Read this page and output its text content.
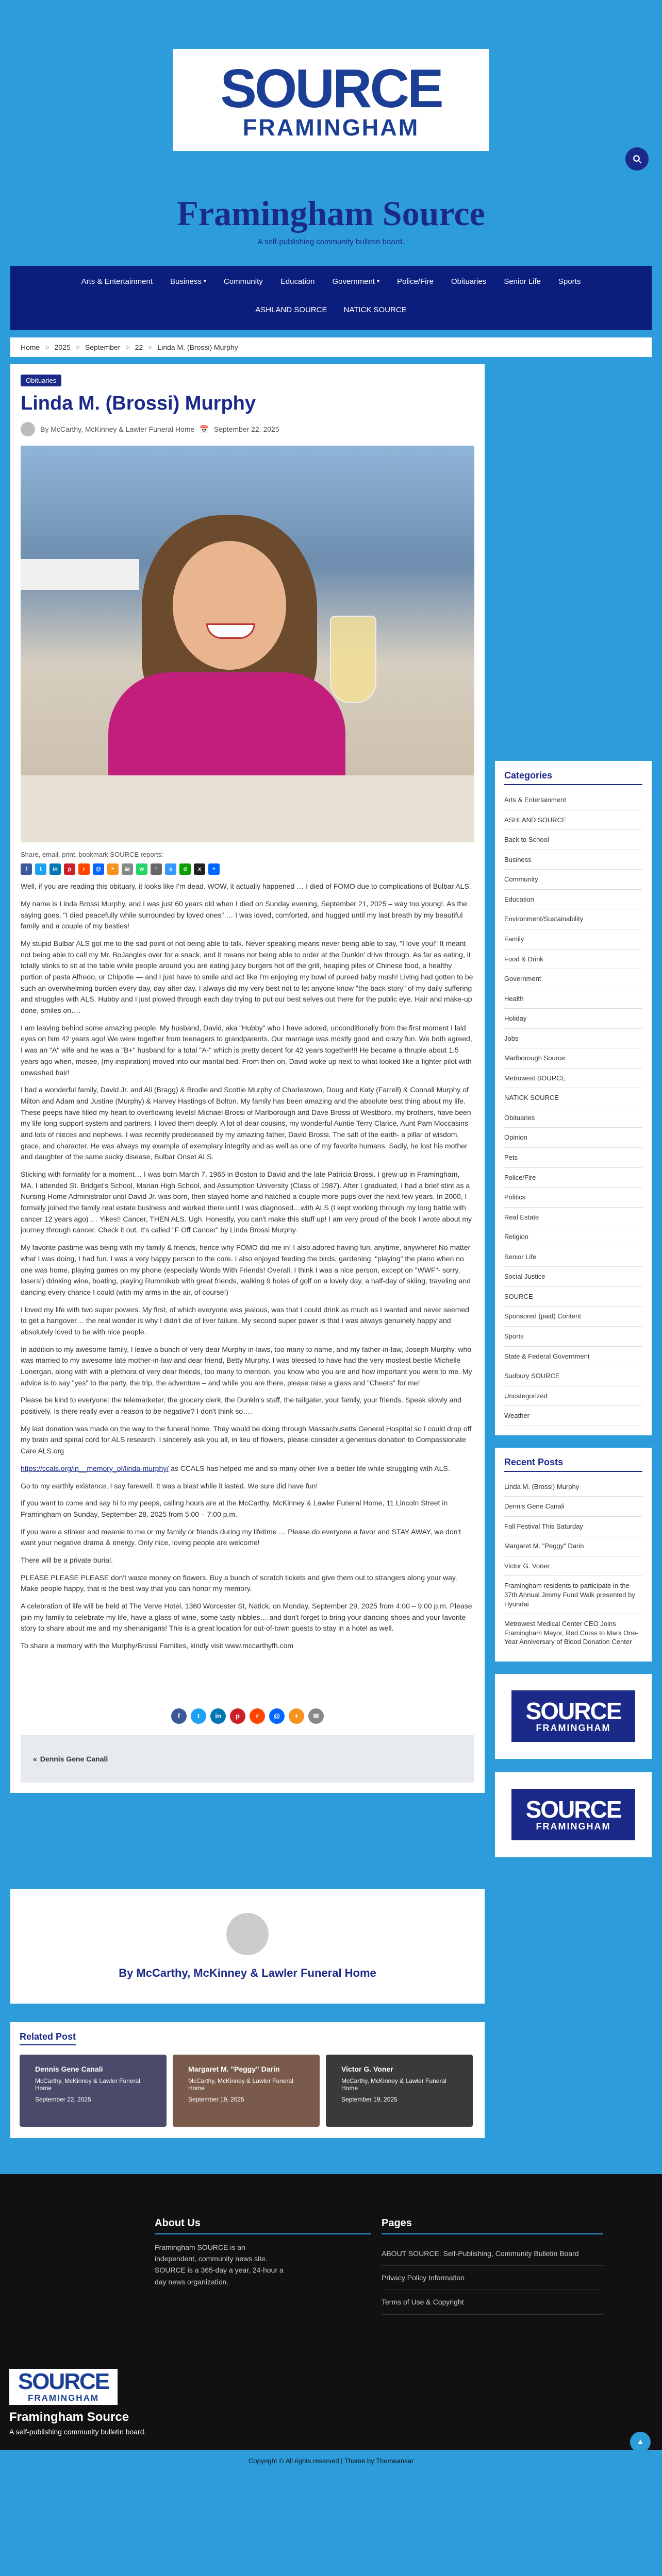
SOURCE
FRAMINGHAM
Framingham Source
A self-publishing community bulletin board.
Arts & Entertainment Business ▾ Community Education Government ▾ Police/Fire Obituaries Senior Life Sports
ASHLAND SOURCE	NATICK SOURCE
Home > 2025 > September > 22 > Linda M. (Brossi) Murphy
Obituaries
Linda M. (Brossi) Murphy
By McCarthy, McKinney & Lawler Funeral Home 📅 September 22, 2025
Share, email, print, bookmark SOURCE reports:
f	t	in	p	r	@	+	✉	w	≡	s	d	x	+

Well, if you are reading this obituary, it looks like I'm dead. WOW, it actually happened … I died of FOMO due to complications of Bulbar ALS.

My name is Linda Brossi Murphy, and I was just 60 years old when I died on Sunday evening, September 21, 2025 – way too young!. As the saying goes, "I died peacefully while surrounded by loved ones" … I was loved, comforted, and hugged until my last breath by my beautiful family and a couple of my besties!

My stupid Bulbar ALS got me to the sad point of not being able to talk. Never speaking means never being able to say, "I love you!" It meant not being able to call my Mr. BoJangles over for a snack, and it means not being able to order at the Dunkin' drive through. As far as eating, it totally stinks to sit at the table while people around you are eating juicy burgers hot off the grill, heaping piles of Chinese food, a healthy portion of pasta Alfredo, or Chipotle — and I just have to smile and act like I'm enjoying my bowl of pureed baby mush! Living had gotten to be such an overwhelming burden every day, day after day. I always did my very best not to let anyone know "the back story" of my daily suffering and struggles with ALS. Hubby and I just plowed through each day trying to put our best selves out there for the public eye. Hair and make-up done, smiles on….

I am leaving behind some amazing people. My husband, David, aka "Hubby" who I have adored, unconditionally from the first moment I laid eyes on him 42 years ago! We were together from teenagers to grandparents. Our marriage was mostly good and crazy fun. We both agreed, I was an "A" wife and he was a "B+" husband for a total "A-" which is pretty decent for 42 years together!!! He became a thruple about 1.5 years ago when, mosee, (my inspiration) moved into our marital bed. From then on, David woke up next to what looked like a fighter pilot with unwashed hair!

I had a wonderful family, David Jr. and Ali (Bragg) & Brodie and Scottie Murphy of Charlestown, Doug and Katy (Farrell) & Connall Murphy of Milton and Adam and Justine (Murphy) & Harvey Hastings of Bolton. My family has been amazing and the absolute best thing about my life. These peeps have filled my heart to overflowing levels! Michael Brossi of Marlborough and Dave Brossi of Westboro, my brothers, have been my life long support system and partners. I loved them deeply. A lot of dear cousins, my wonderful Auntie Terry Clarice, Aunt Pam Moccasins and lots of nieces and nephews. I was recently predeceased by my amazing father, David Brossi. The salt of the earth- a pillar of wisdom, grace, and character. He was always my example of exemplary integrity and as well as one of my favorite humans. Sadly, he lost his mother and daughter of the same sucky disease, Bulbar Onset ALS.

Sticking with formality for a moment… I was born March 7, 1965 in Boston to David and the late Patricia Brossi. I grew up in Framingham, MA. I attended St. Bridget's School, Marian High School, and Assumption University (Class of 1987). After I graduated, I had a brief stint as a Nursing Home Administrator until David Jr. was born, then stayed home and hatched a couple more pups over the next few years. In 2000, I formally joined the family real estate business and worked there until I was diagnosed…with ALS (I kept working through my long battle with cancer 12 years ago) … Yikes!! Cancer, THEN ALS. Ugh. Honestly, you can't make this stuff up! I am very proud of the book I wrote about my journey through cancer. Check it out. It's called "F Off Cancer" by Linda Brossi Murphy.

My favorite pastime was being with my family & friends, hence why FOMO did me in! I also adored having fun, anytime, anywhere! No matter what I was doing, I had fun. I was a very happy person to the core. I also enjoyed feeding the birds, gardening, "playing" the piano when no one was home, playing games on my phone (especially Words With Friends! Overall, I think I was a nice person, except on "WWF"- sorry, losers!) drinking wine, boating, playing Rummikub with great friends, walking 9 holes of golf on a lovely day, a half-day of skiing, traveling and dancing every chance I could (with my arms in the air, of course!)

I loved my life with two super powers. My first, of which everyone was jealous, was that I could drink as much as I wanted and never seemed to get a hangover… the real wonder is why I didn't die of liver failure. My second super power is that I was always genuinely happy and absolutely loved to be with nice people.

In addition to my awesome family, I leave a bunch of very dear Murphy in-laws, too many to name, and my father-in-law, Joseph Murphy, who was married to my awesome late mother-in-law and dear friend, Betty Murphy. I was blessed to have had the very mostest bestie Michelle Lonergan, along with with a plethora of very dear friends, too many to mention, you know who you are and how important you were to me. My advice is to say "yes" to the party, the trip, the adventure – and while you are there, please raise a glass and "Cheers" for me!

Please be kind to everyone: the telemarketer, the grocery clerk, the Dunkin's staff, the tailgater, your family, your friends. Speak slowly and positively. Is there really ever a reason to be negative? I don't think so….

My last donation was made on the way to the funeral home. They would be doing through Massachusetts General Hospital so I could drop off my brain and spinal cord for ALS research. I sincerely ask you all, in lieu of flowers, please consider a generous donation to Compassionate Care ALS.org

https://ccals.org/in__memory_of/linda-murphy/ as CCALS has helped me and so many other live a better life while struggling with ALS.

Go to my earthly existence, I say farewell. It was a blast while it lasted. We sure did have fun!

If you want to come and say hi to my peeps, calling hours are at the McCarthy, McKinney & Lawler Funeral Home, 11 Lincoln Street in Framingham on Sunday, September 28, 2025 from 5:00 – 7:00 p.m.

If you were a stinker and meanie to me or my family or friends during my lifetime … Please do everyone a favor and STAY AWAY, we don't want your negative drama & energy. Only nice, loving people are welcome!

There will be a private burial.

PLEASE PLEASE PLEASE don't waste money on flowers. Buy a bunch of scratch tickets and give them out to strangers along your way. Make people happy, that is the best way that you can honor my memory.

A celebration of life will be held at The Verve Hotel, 1360 Worcester St, Natick, on Monday, September 29, 2025 from 4:00 – 9:00 p.m. Please join my family to celebrate my life, have a glass of wine, some tasty nibbles… and don't forget to bring your dancing shoes and your favorite story to share about me and my shenanigans! This is a great location for out-of-town guests to stay in a hotel as well.

To share a memory with the Murphy/Brossi Families, kindly visit www.mccarthyfh.com

f	t	in	p	r	@	+	✉
« Dennis Gene Canali
Categories
Arts & Entertainment
ASHLAND SOURCE
Back to School
Business
Community
Education
Environment/Sustainability
Family
Food & Drink
Government
Health
Holiday
Jobs
Marlborough Source
Metrowest SOURCE
NATICK SOURCE
Obituaries
Opinion
Pets
Police/Fire
Politics
Real Estate
Religion
Senior Life
Social Justice
SOURCE
Sponsored (paid) Content
Sports
State & Federal Government
Sudbury SOURCE
Uncategorized
Weather
Recent Posts
Linda M. (Brossi) Murphy
Dennis Gene Canali
Fall Festival This Saturday
Margaret M. "Peggy" Darin
Victor G. Voner
Framingham residents to participate in the 37th Annual Jimmy Fund Walk presented by Hyundai
Metrowest Medical Center CEO Joins Framingham Mayor, Red Cross to Mark One-Year Anniversary of Blood Donation Center
SOURCE
FRAMINGHAM
SOURCE
FRAMINGHAM
By McCarthy, McKinney & Lawler Funeral Home
Related Post
Dennis Gene Canali
McCarthy, McKinney & Lawler Funeral Home
September 22, 2025
Margaret M. "Peggy" Darin
McCarthy, McKinney & Lawler Funeral Home
September 19, 2025
Victor G. Voner
McCarthy, McKinney & Lawler Funeral Home
September 19, 2025
About Us

Framingham SOURCE is an independent, community news site. SOURCE is a 365-day a year, 24-hour a day news organization.

Pages
ABOUT SOURCE: Self-Publishing, Community Bulletin Board
Privacy Policy Information
Terms of Use & Copyright
SOURCE
FRAMINGHAM
Framingham Source
A self-publishing community bulletin board.
▲
Copyright © All rights reserved | Theme by Themeansar
